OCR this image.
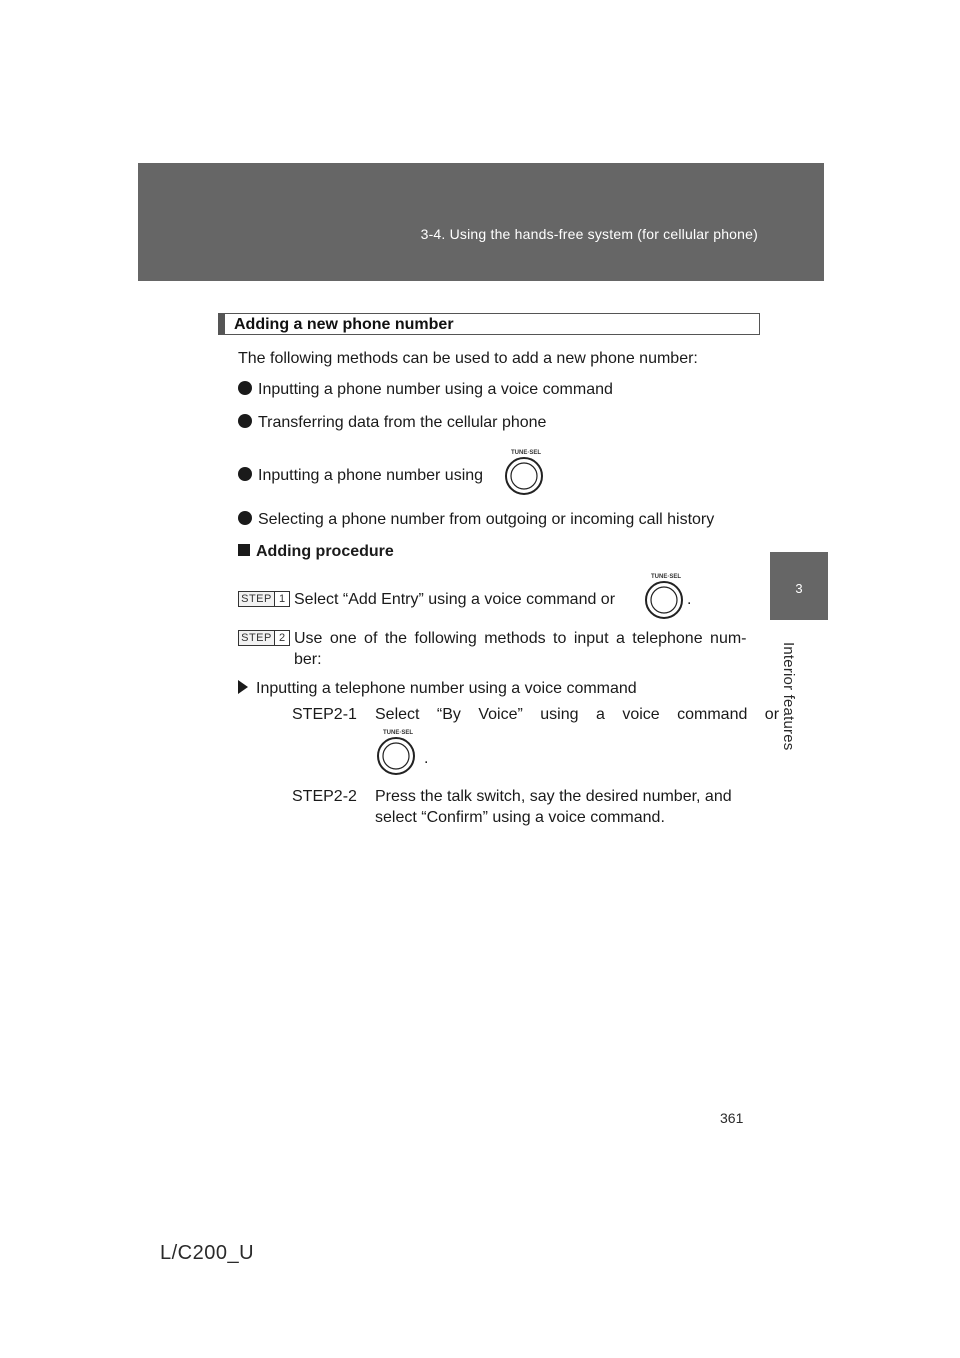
3-4. Using the hands-free system (for cellular phone)
3
Interior features
Adding a new phone number
The following methods can be used to add a new phone number:
Inputting a phone number using a voice command
Transferring data from the cellular phone
Inputting a phone number using
TUNE·SEL
Selecting a phone number from outgoing or incoming call history
Adding procedure
STEP 1 Select “Add Entry” using a voice command or
TUNE·SEL
.
STEP 2 Use one of the following methods to input a telephone num-
ber:
Inputting a telephone number using a voice command
STEP2-1 Select “By Voice” using a voice command or
TUNE·SEL
.
STEP2-2 Press the talk switch, say the desired number, and
select “Confirm” using a voice command.
361
L/C200_U
